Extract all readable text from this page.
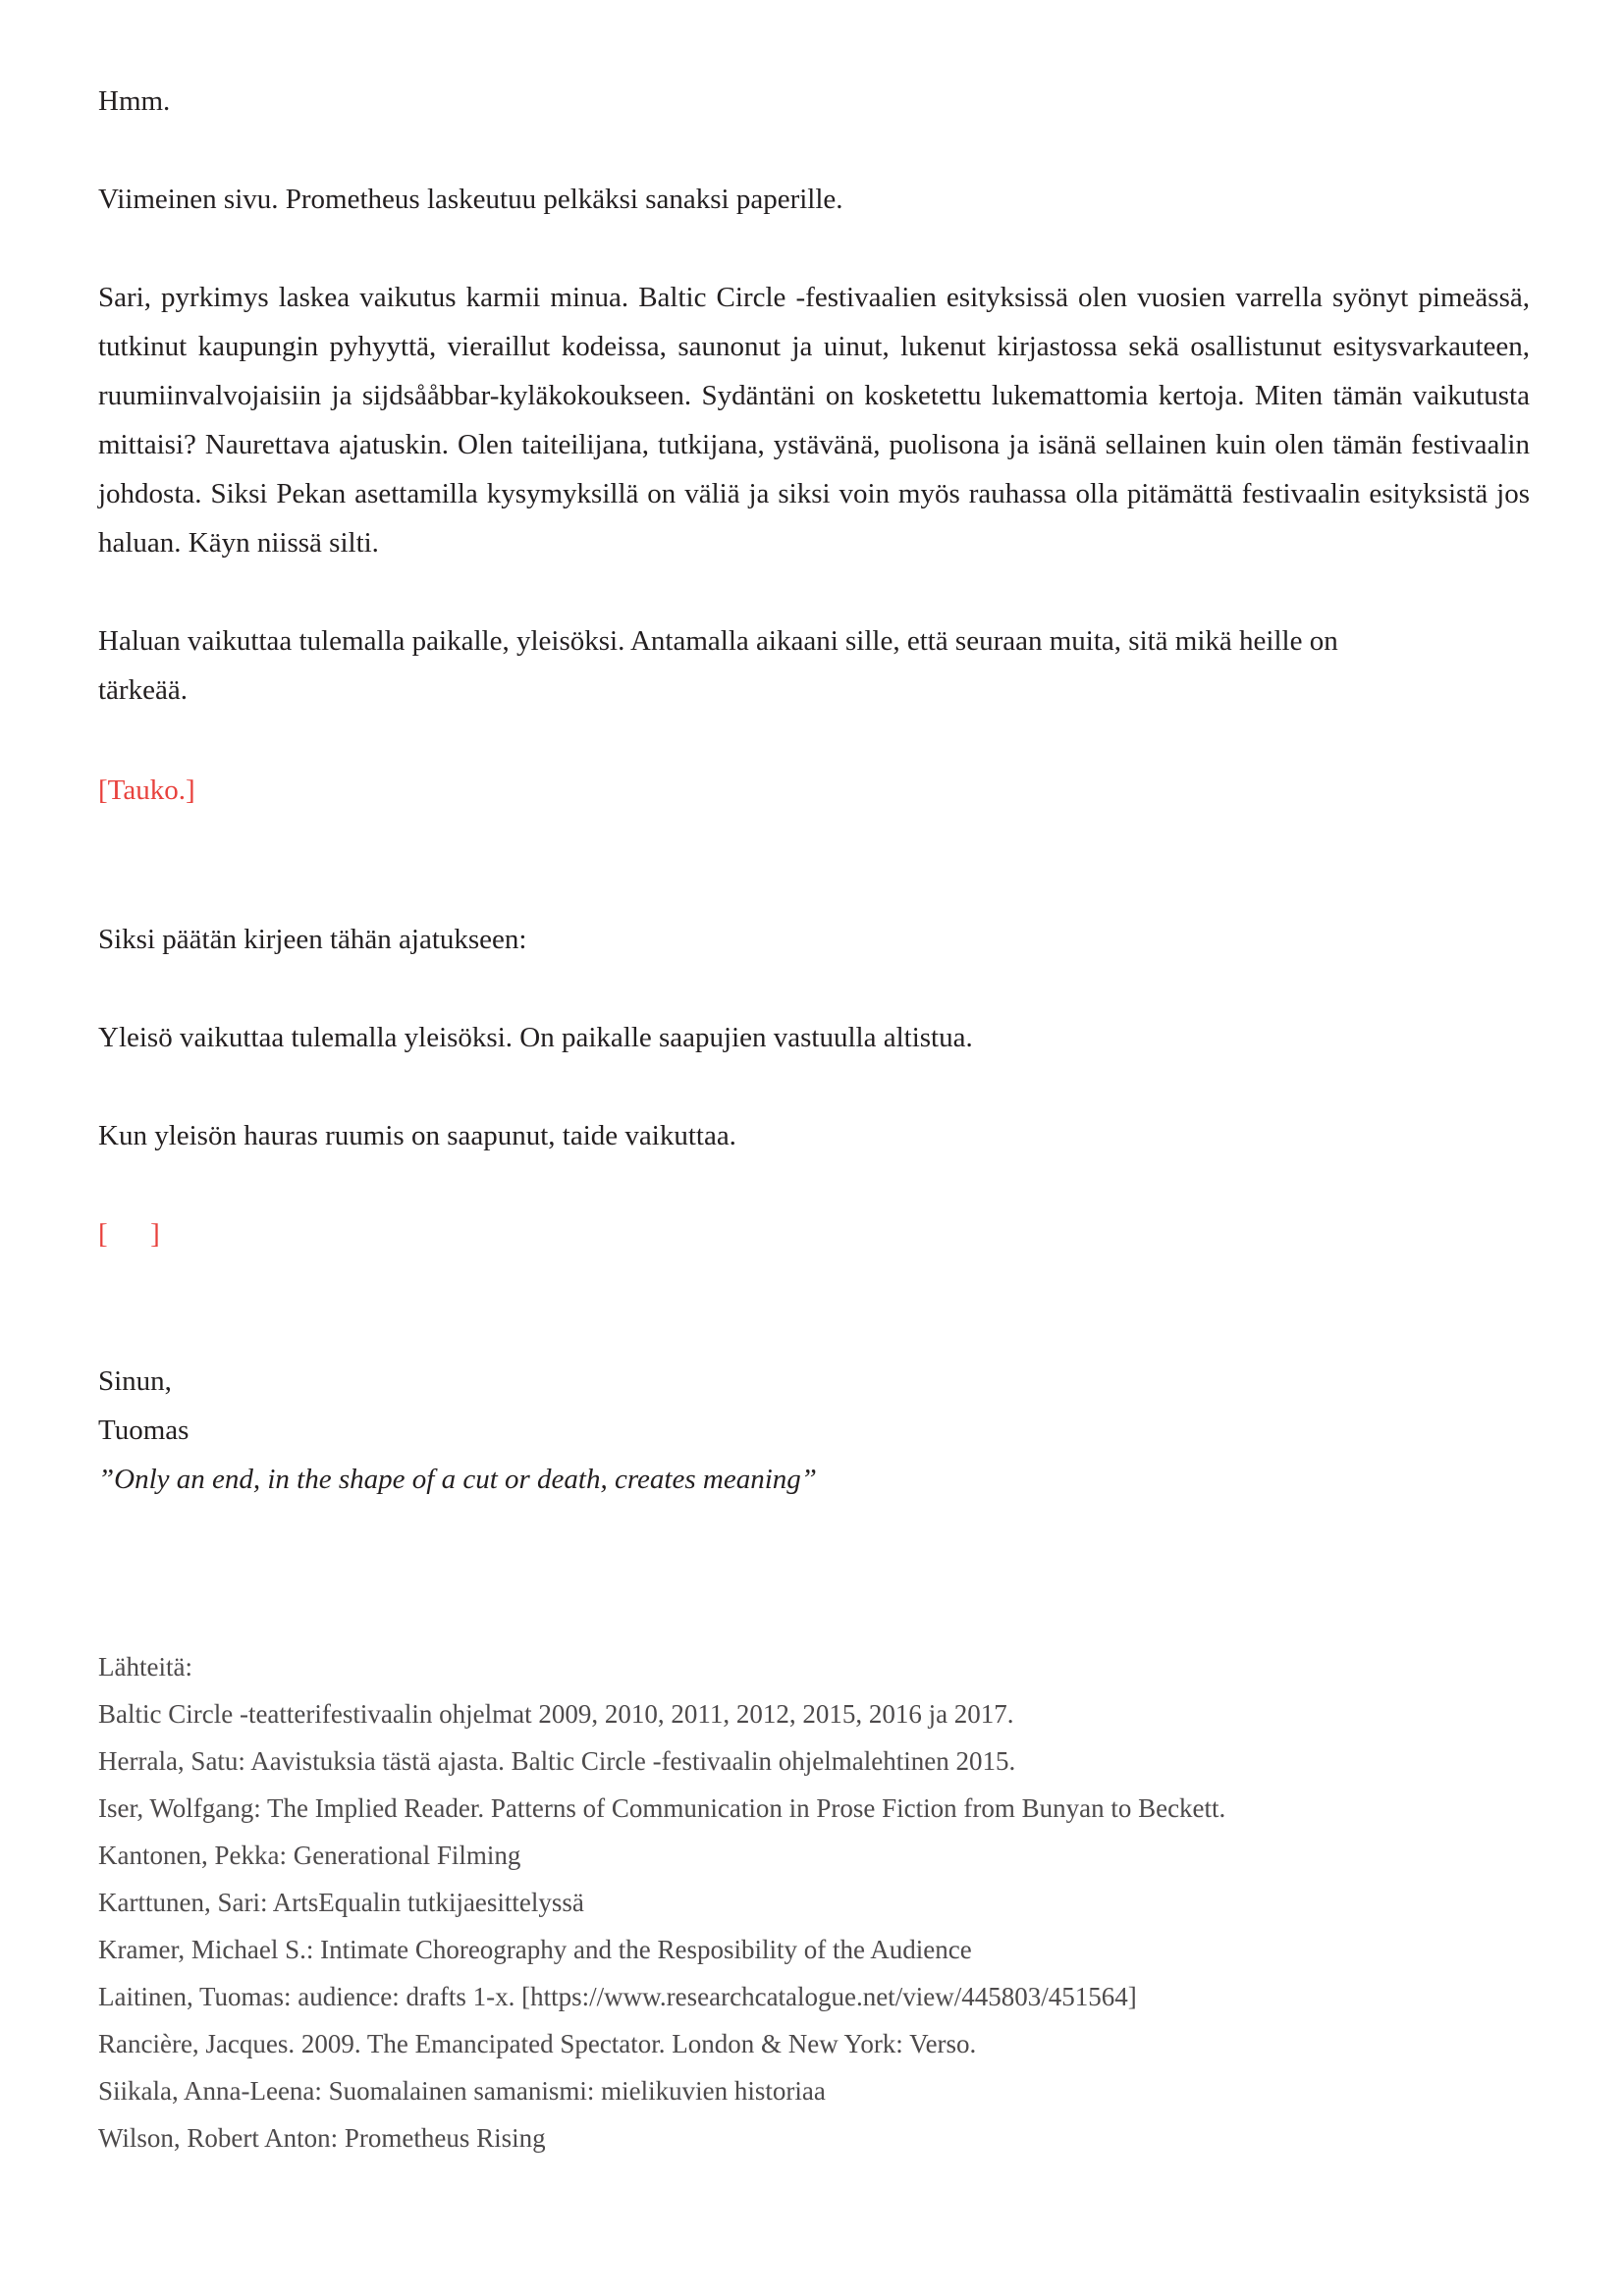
Hmm.

Viimeinen sivu. Prometheus laskeutuu pelkäksi sanaksi paperille.

Sari, pyrkimys laskea vaikutus karmii minua. Baltic Circle -festivaalien esityksissä olen vuosien varrella syönyt pimeässä, tutkinut kaupungin pyhyyttä, vieraillut kodeissa, saunonut ja uinut, lukenut kirjastossa sekä osallistunut esitysvarkauteen, ruumiinvalvojaisiin ja sijdsååbbar-kyläkokoukseen. Sydäntäni on kosketettu lukemattomia kertoja. Miten tämän vaikutusta mittaisi? Naurettava ajatuskin. Olen taiteilijana, tutkijana, ystävänä, puolisona ja isänä sellainen kuin olen tämän festivaalin johdosta. Siksi Pekan asettamilla kysymyksillä on väliä ja siksi voin myös rauhassa olla pitämättä festivaalin esityksistä jos haluan. Käyn niissä silti.

Haluan vaikuttaa tulemalla paikalle, yleisöksi. Antamalla aikaani sille, että seuraan muita, sitä mikä heille on tärkeää.

[Tauko.]

Siksi päätän kirjeen tähän ajatukseen:

Yleisö vaikuttaa tulemalla yleisöksi. On paikalle saapujien vastuulla altistua.

Kun yleisön hauras ruumis on saapunut, taide vaikuttaa.

[      ]

Sinun,

Tuomas

”Only an end, in the shape of a cut or death, creates meaning”

Lähteitä:

Baltic Circle -teatterifestivaalin ohjelmat 2009, 2010, 2011, 2012, 2015, 2016 ja 2017.

Herrala, Satu: Aavistuksia tästä ajasta. Baltic Circle -festivaalin ohjelmalehtinen 2015.

Iser, Wolfgang: The Implied Reader. Patterns of Communication in Prose Fiction from Bunyan to Beckett.

Kantonen, Pekka: Generational Filming

Karttunen, Sari: ArtsEqualin tutkijaesittelyssä

Kramer, Michael S.: Intimate Choreography and the Resposibility of the Audience

Laitinen, Tuomas: audience: drafts 1-x. [https://www.researchcatalogue.net/view/445803/451564]

Rancière, Jacques. 2009. The Emancipated Spectator. London & New York: Verso.

Siikala, Anna-Leena: Suomalainen samanismi: mielikuvien historiaa

Wilson, Robert Anton: Prometheus Rising
